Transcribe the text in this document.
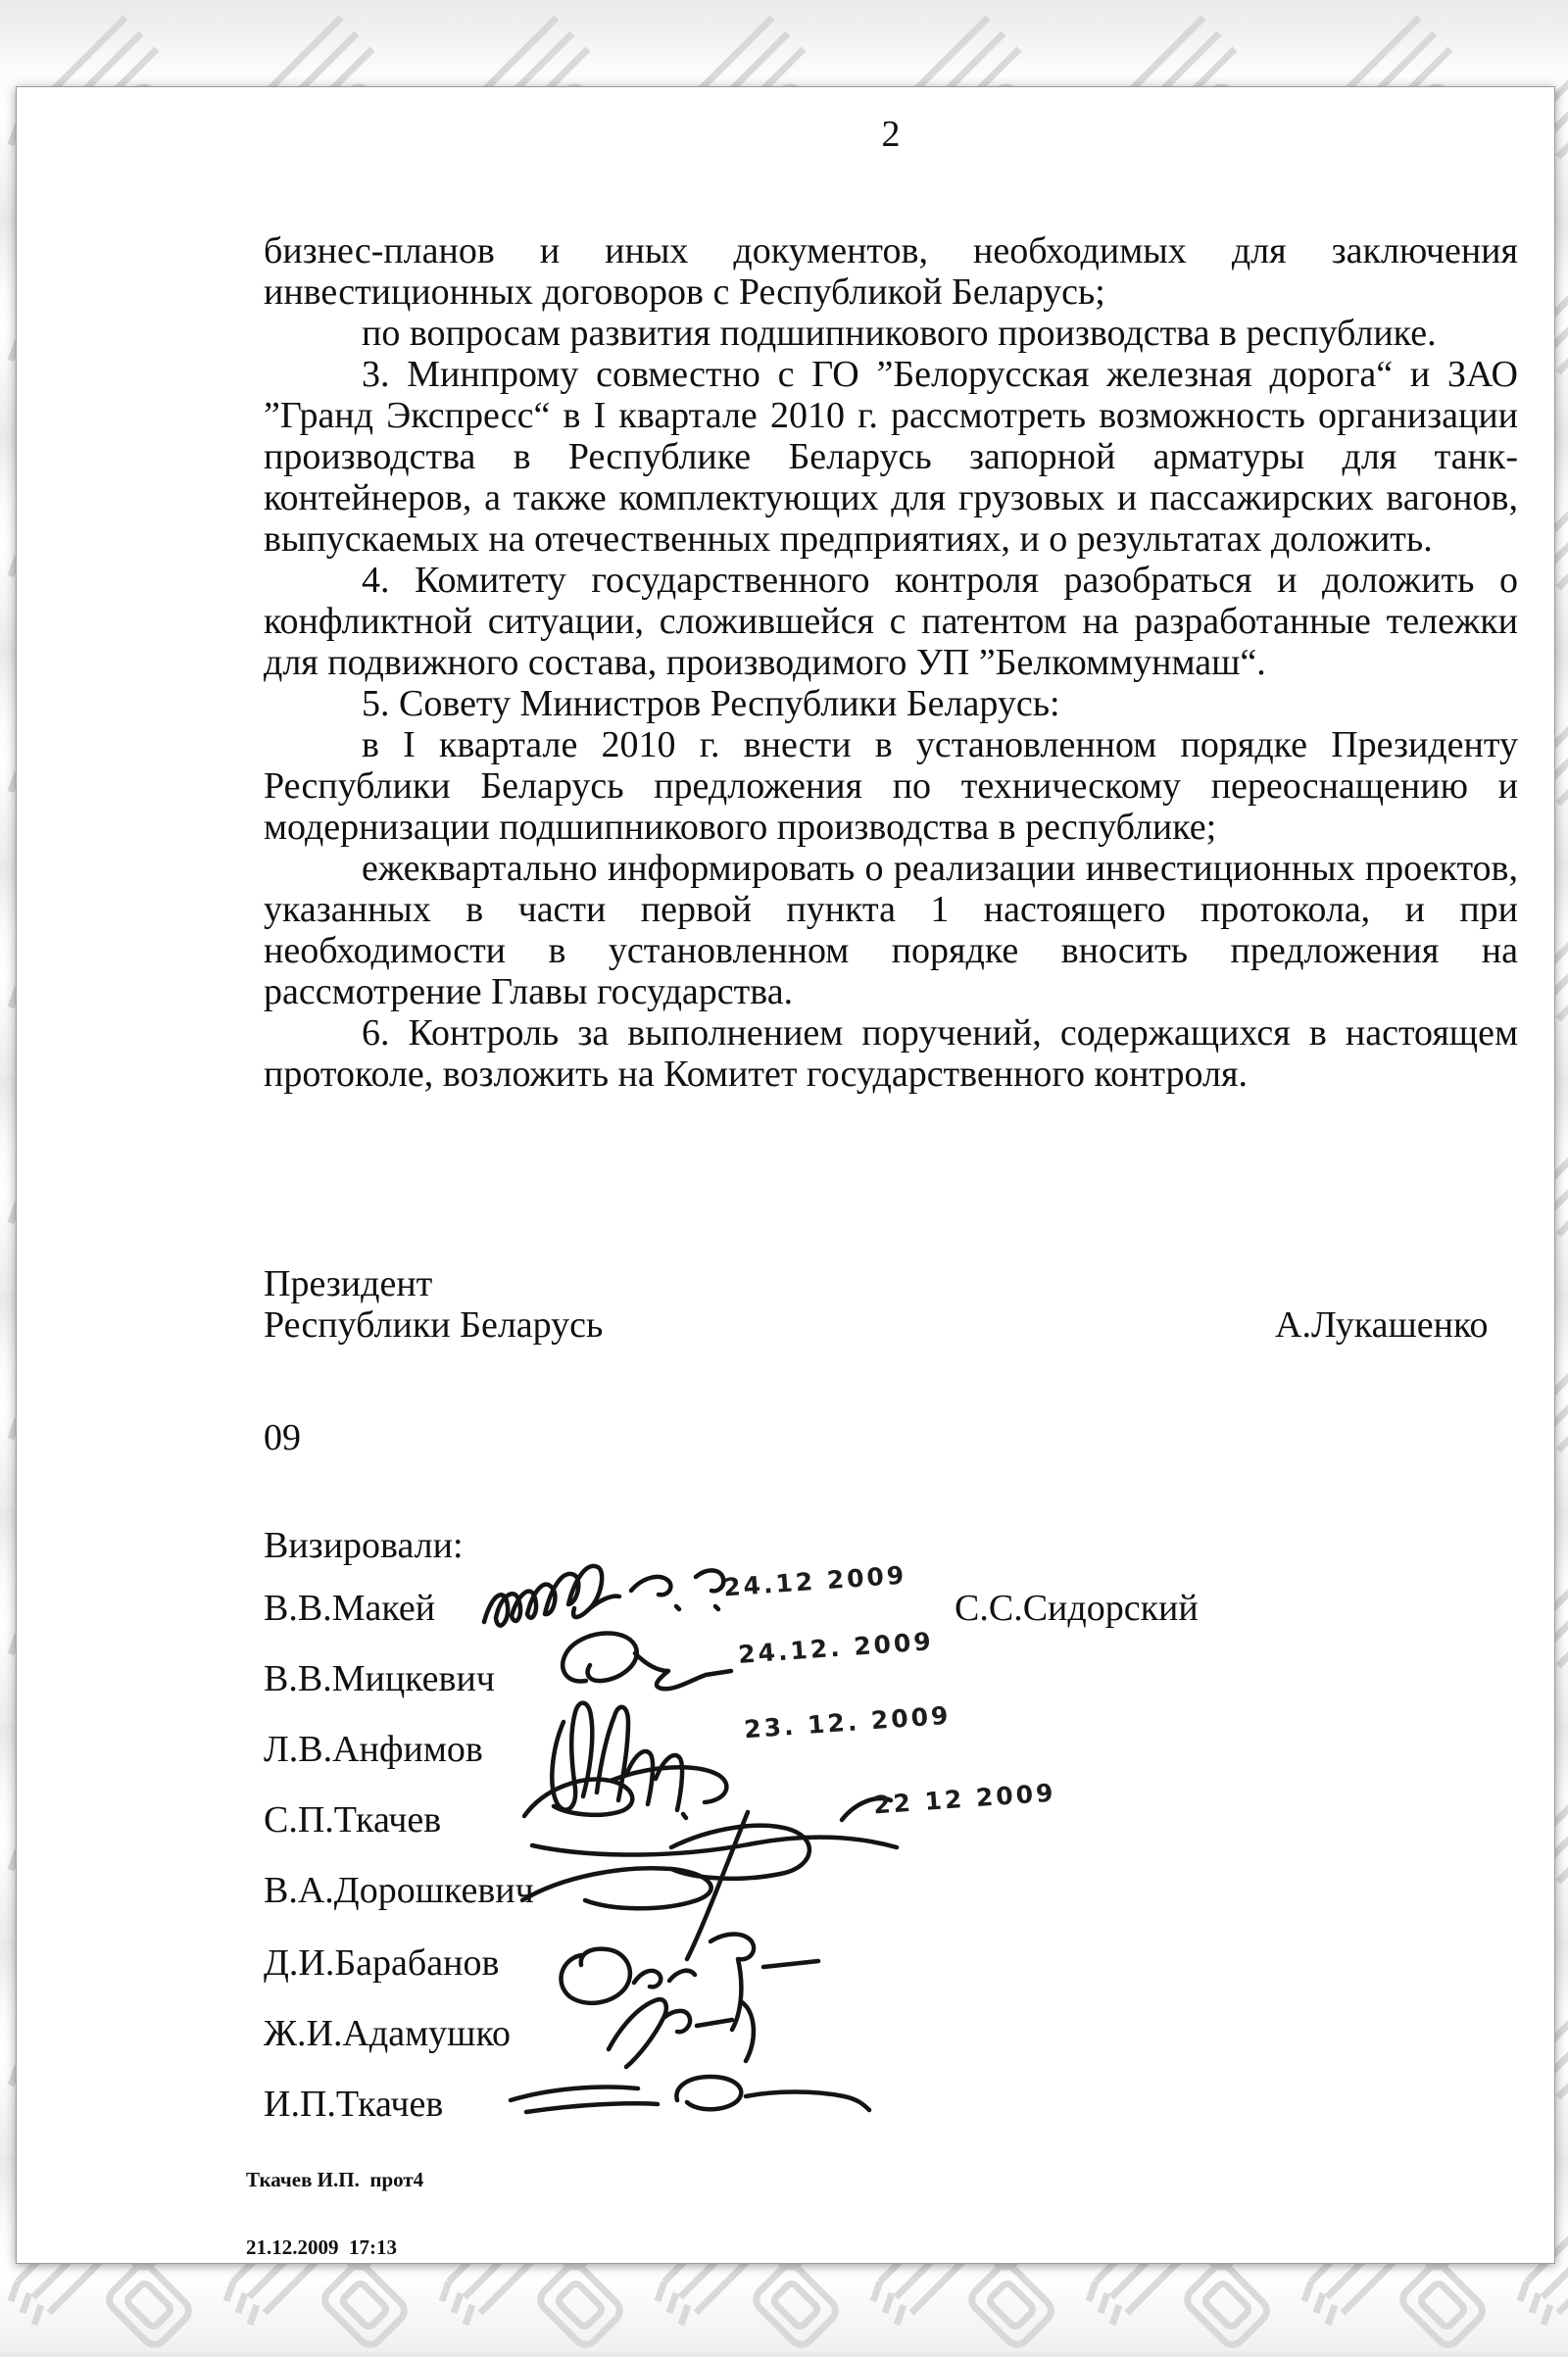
2

бизнес-планов и иных документов, необходимых для заключения инвестиционных договоров с Республикой Беларусь;

по вопросам развития подшипникового производства в республике.

3. Минпрому совместно с ГО ”Белорусская железная дорога“ и ЗАО ”Гранд Экспресс“ в I квартале 2010 г. рассмотреть возможность организации производства в Республике Беларусь запорной арматуры для танк-контейнеров, а также комплектующих для грузовых и пассажирских вагонов, выпускаемых на отечественных предприятиях, и о результатах доложить.

4. Комитету государственного контроля разобраться и доложить о конфликтной ситуации, сложившейся с патентом на разработанные тележки для подвижного состава, производимого УП ”Белкоммунмаш“.

5. Совету Министров Республики Беларусь:

в I квартале 2010 г. внести в установленном порядке Президенту Республики Беларусь предложения по техническому переоснащению и модернизации подшипникового производства в республике;

ежеквартально информировать о реализации инвестиционных проектов, указанных в части первой пункта 1 настоящего протокола, и при необходимости в установленном порядке вносить предложения на рассмотрение Главы государства.

6. Контроль за выполнением поручений, содержащихся в настоящем протоколе, возложить на Комитет государственного контроля.

Президент
Республики Беларусь	А.Лукашенко
09
Визировали:
В.В.Макей
24.12 2009
С.С.Сидорский
В.В.Мицкевич
24.12. 2009
Л.В.Анфимов
23. 12. 2009
С.П.Ткачев
22 12 2009
В.А.Дорошкевич
Д.И.Барабанов
Ж.И.Адамушко
И.П.Ткачев

Ткачев И.П.  прот4

21.12.2009  17:13
